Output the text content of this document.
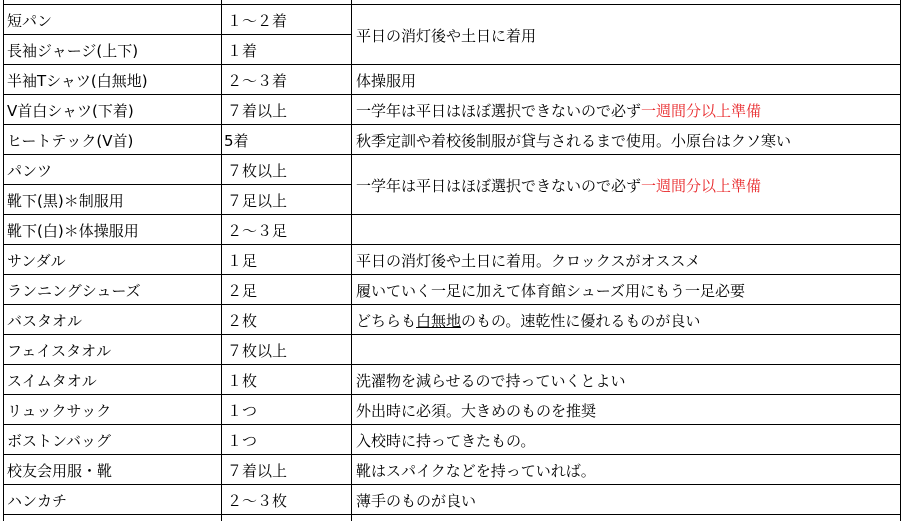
短パン	１～２着
長袖ジャージ(上下)	１着
平日の消灯後や土日に着用
半袖Tシャツ(白無地)	２～３着	体操服用
V首白シャツ(下着)	７着以上	一学年は平日はほぼ選択できないので必ず 一週間分以上準備
ヒートテック(V首)	5着	秋季定訓や着校後制服が貸与されるまで使用。小原台はクソ寒い
パンツ	７枚以上
靴下(黒)＊制服用	７足以上
一学年は平日はほぼ選択できないので必ず 一週間分以上準備
靴下(白)＊体操服用	２～３足
サンダル	１足	平日の消灯後や土日に着用。クロックスがオススメ
ランニングシューズ	２足	履いていく一足に加えて体育館シューズ用にもう一足必要
バスタオル	２枚	どちらも 白無地 のもの。速乾性に優れるものが良い
フェイスタオル	７枚以上
スイムタオル	１枚	洗濯物を減らせるので持っていくとよい
リュックサック	１つ	外出時に必須。大きめのものを推奨
ボストンバッグ	１つ	入校時に持ってきたもの。
校友会用服・靴	７着以上	靴はスパイクなどを持っていれば。
ハンカチ	２～３枚	薄手のものが良い
